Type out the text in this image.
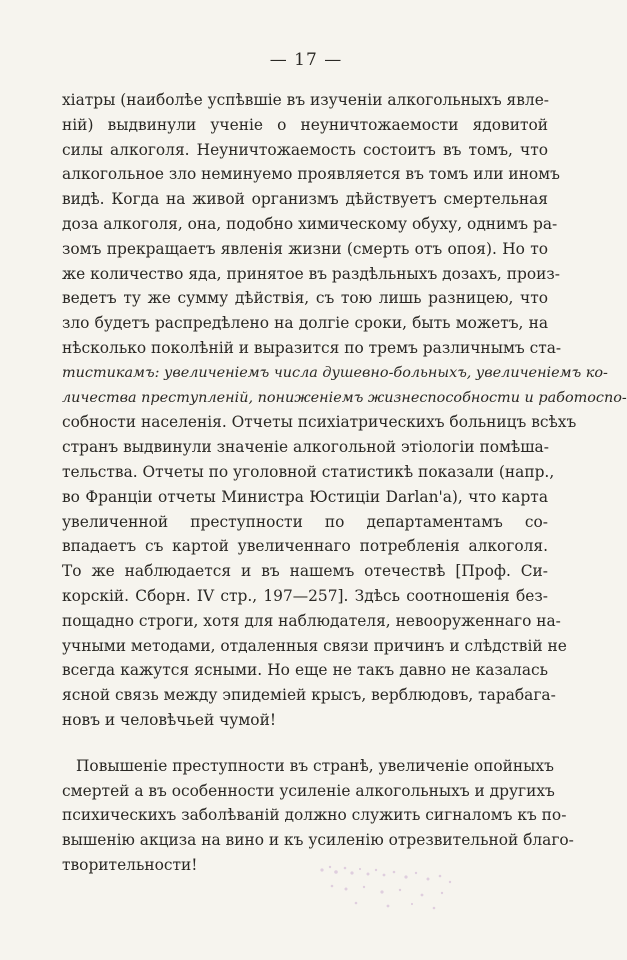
— 17 —
хіатры (наиболѣе успѣвшіе въ изученіи алкогольныхъ явле-
ній) выдвинули ученіе о неуничтожаемости ядовитой
силы алкоголя. Неуничтожаемость состоитъ въ томъ, что
алкогольное зло неминуемо проявляется въ томъ или иномъ
видѣ. Когда на живой организмъ дѣйствуетъ смертельная
доза алкоголя, она, подобно химическому обуху, однимъ ра-
зомъ прекращаетъ явленія жизни (смерть отъ опоя). Но то
же количество яда, принятое въ раздѣльныхъ дозахъ, произ-
ведетъ ту же сумму дѣйствія, съ тою лишь разницею, что
зло будетъ распредѣлено на долгіе сроки, быть можетъ, на
нѣсколько поколѣній и выразится по тремъ различнымъ ста-
тистикамъ: увеличеніемъ числа душевно-больныхъ, увеличеніемъ ко-
личества преступленій, пониженіемъ жизнеспособности и работоспо-
собности населенія. Отчеты психіатрическихъ больницъ всѣхъ
странъ выдвинули значеніе алкогольной этіологіи помѣша-
тельства. Отчеты по уголовной статистикѣ показали (напр.,
во Франціи отчеты Министра Юстиціи Darlan'а), что карта
увеличенной преступности по департаментамъ со-
впадаетъ съ картой увеличеннаго потребленія алкоголя.
То же наблюдается и въ нашемъ отечествѣ [Проф. Си-
корскій. Сборн. IV стр., 197—257]. Здѣсь соотношенія без-
пощадно строги, хотя для наблюдателя, невооруженнаго на-
учными методами, отдаленныя связи причинъ и слѣдствій не
всегда кажутся ясными. Но еще не такъ давно не казалась
ясной связь между эпидеміей крысъ, верблюдовъ, тарабага-
новъ и человѣчьей чумой!
Повышеніе преступности въ странѣ, увеличеніе опойныхъ
смертей а въ особенности усиленіе алкогольныхъ и другихъ
психическихъ заболѣваній должно служить сигналомъ къ по-
вышенію акциза на вино и къ усиленію отрезвительной благо-
творительности!
